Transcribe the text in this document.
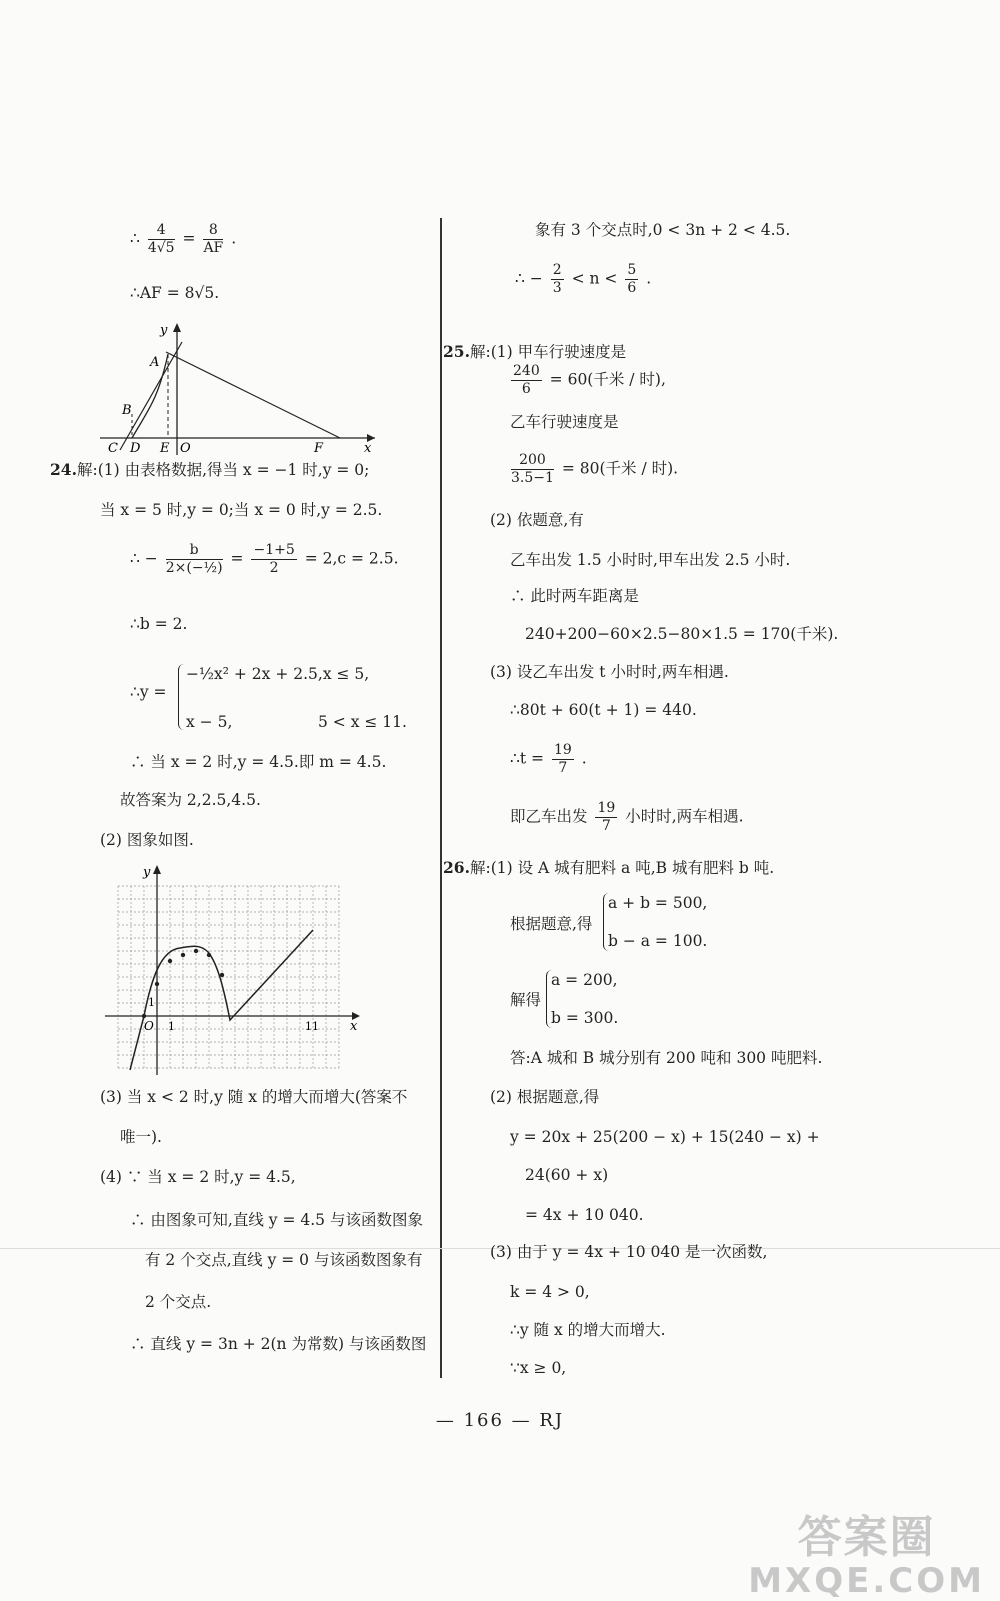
∴ $\frac{4}{4√5} = \frac{8}{AF}$ .
∴AF = 8√5.
y
A
B
C D E O	F	x
24.解:(1) 由表格数据,得当 x = −1 时,y = 0;
当 x = 5 时,y = 0;当 x = 0 时,y = 2.5.
∴ − $\frac{b}{\text{2×(−½)}} = \frac{-1+5}{2} = 2,c = 2.5$.
∴b = 2.
∴y =
−½x² + 2x + 2.5,x ≤ 5,
x − 5,	5 < x ≤ 11.
∴ 当 x = 2 时,y = 4.5.即 m = 4.5.
故答案为 2,2.5,4.5.
(2) 图象如图.
y
O 1
1
11 x
(3) 当 x < 2 时,y 随 x 的增大而增大(答案不
唯一).
(4) ∵ 当 x = 2 时,y = 4.5,
∴ 由图象可知,直线 y = 4.5 与该函数图象
有 2 个交点,直线 y = 0 与该函数图象有
2 个交点.
∴ 直线 y = 3n + 2(n 为常数) 与该函数图
象有 3 个交点时,0 < 3n + 2 < 4.5.
∴ − $\frac{2}{3} < n < \frac{5}{6}$ .
25.解:(1) 甲车行驶速度是
$\frac{240}{6} = 60$(千米 / 时),
乙车行驶速度是
$\frac{200}{3.5-1} = 80$(千米 / 时).
(2) 依题意,有
乙车出发 1.5 小时时,甲车出发 2.5 小时.
∴ 此时两车距离是
240+200−60×2.5−80×1.5 = 170(千米).
(3) 设乙车出发 t 小时时,两车相遇.
∴80t + 60(t + 1) = 440.
∴t = $\frac{19}{7}$ .
即乙车出发 $\frac{19}{7}$ 小时时,两车相遇.
26.解:(1) 设 A 城有肥料 a 吨,B 城有肥料 b 吨.
根据题意,得
a + b = 500,
b − a = 100.
解得
a = 200,
b = 300.
答:A 城和 B 城分别有 200 吨和 300 吨肥料.
(2) 根据题意,得
y = 20x + 25(200 − x) + 15(240 − x) +
24(60 + x)
= 4x + 10 040.
(3) 由于 y = 4x + 10 040 是一次函数,
k = 4 > 0,
∴y 随 x 的增大而增大.
∵x ≥ 0,
— 166 — RJ
答案圈
MXQE.COM
